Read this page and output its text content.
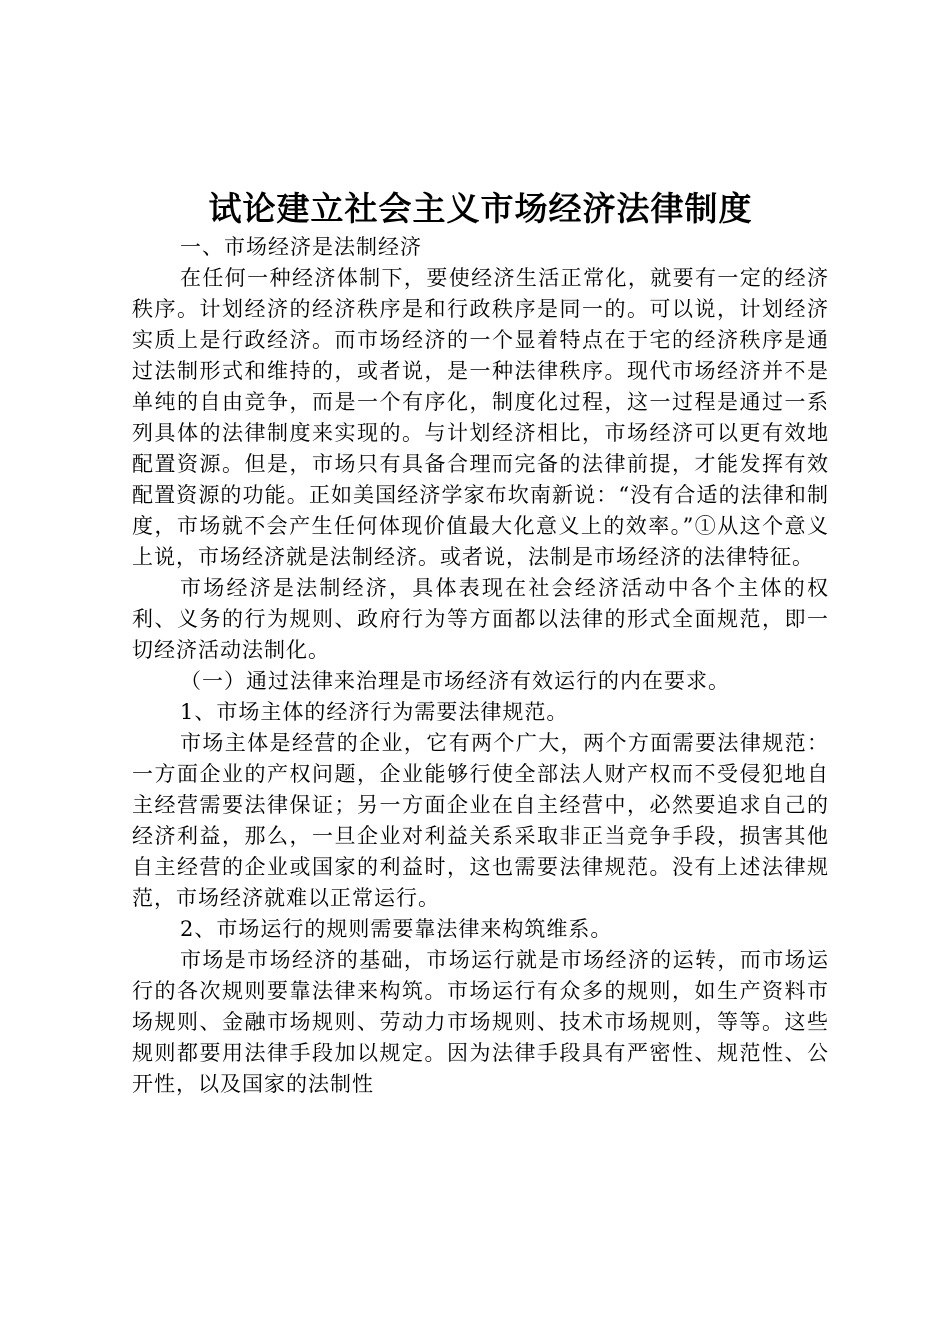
试论建立社会主义市场经济法律制度

一、市场经济是法制经济

在任何一种经济体制下，要使经济生活正常化，就要有一定的经济秩序。计划经济的经济秩序是和行政秩序是同一的。可以说，计划经济实质上是行政经济。而市场经济的一个显着特点在于宅的经济秩序是通过法制形式和维持的，或者说，是一种法律秩序。现代市场经济并不是单纯的自由竞争，而是一个有序化，制度化过程，这一过程是通过一系列具体的法律制度来实现的。与计划经济相比，市场经济可以更有效地配置资源。但是，市场只有具备合理而完备的法律前提，才能发挥有效配置资源的功能。正如美国经济学家布坎南新说：“没有合适的法律和制度，市场就不会产生任何体现价值最大化意义上的效率。”①从这个意义上说，市场经济就是法制经济。或者说，法制是市场经济的法律特征。

市场经济是法制经济，具体表现在社会经济活动中各个主体的权利、义务的行为规则、政府行为等方面都以法律的形式全面规范，即一切经济活动法制化。

（一）通过法律来治理是市场经济有效运行的内在要求。

1、市场主体的经济行为需要法律规范。

市场主体是经营的企业，它有两个广大，两个方面需要法律规范：一方面企业的产权问题，企业能够行使全部法人财产权而不受侵犯地自主经营需要法律保证；另一方面企业在自主经营中，必然要追求自己的经济利益，那么，一旦企业对利益关系采取非正当竞争手段，损害其他自主经营的企业或国家的利益时，这也需要法律规范。没有上述法律规范，市场经济就难以正常运行。

2、市场运行的规则需要靠法律来构筑维系。

市场是市场经济的基础，市场运行就是市场经济的运转，而市场运行的各次规则要靠法律来构筑。市场运行有众多的规则，如生产资料市场规则、金融市场规则、劳动力市场规则、技术市场规则，等等。这些规则都要用法律手段加以规定。因为法律手段具有严密性、规范性、公开性，以及国家的法制性
